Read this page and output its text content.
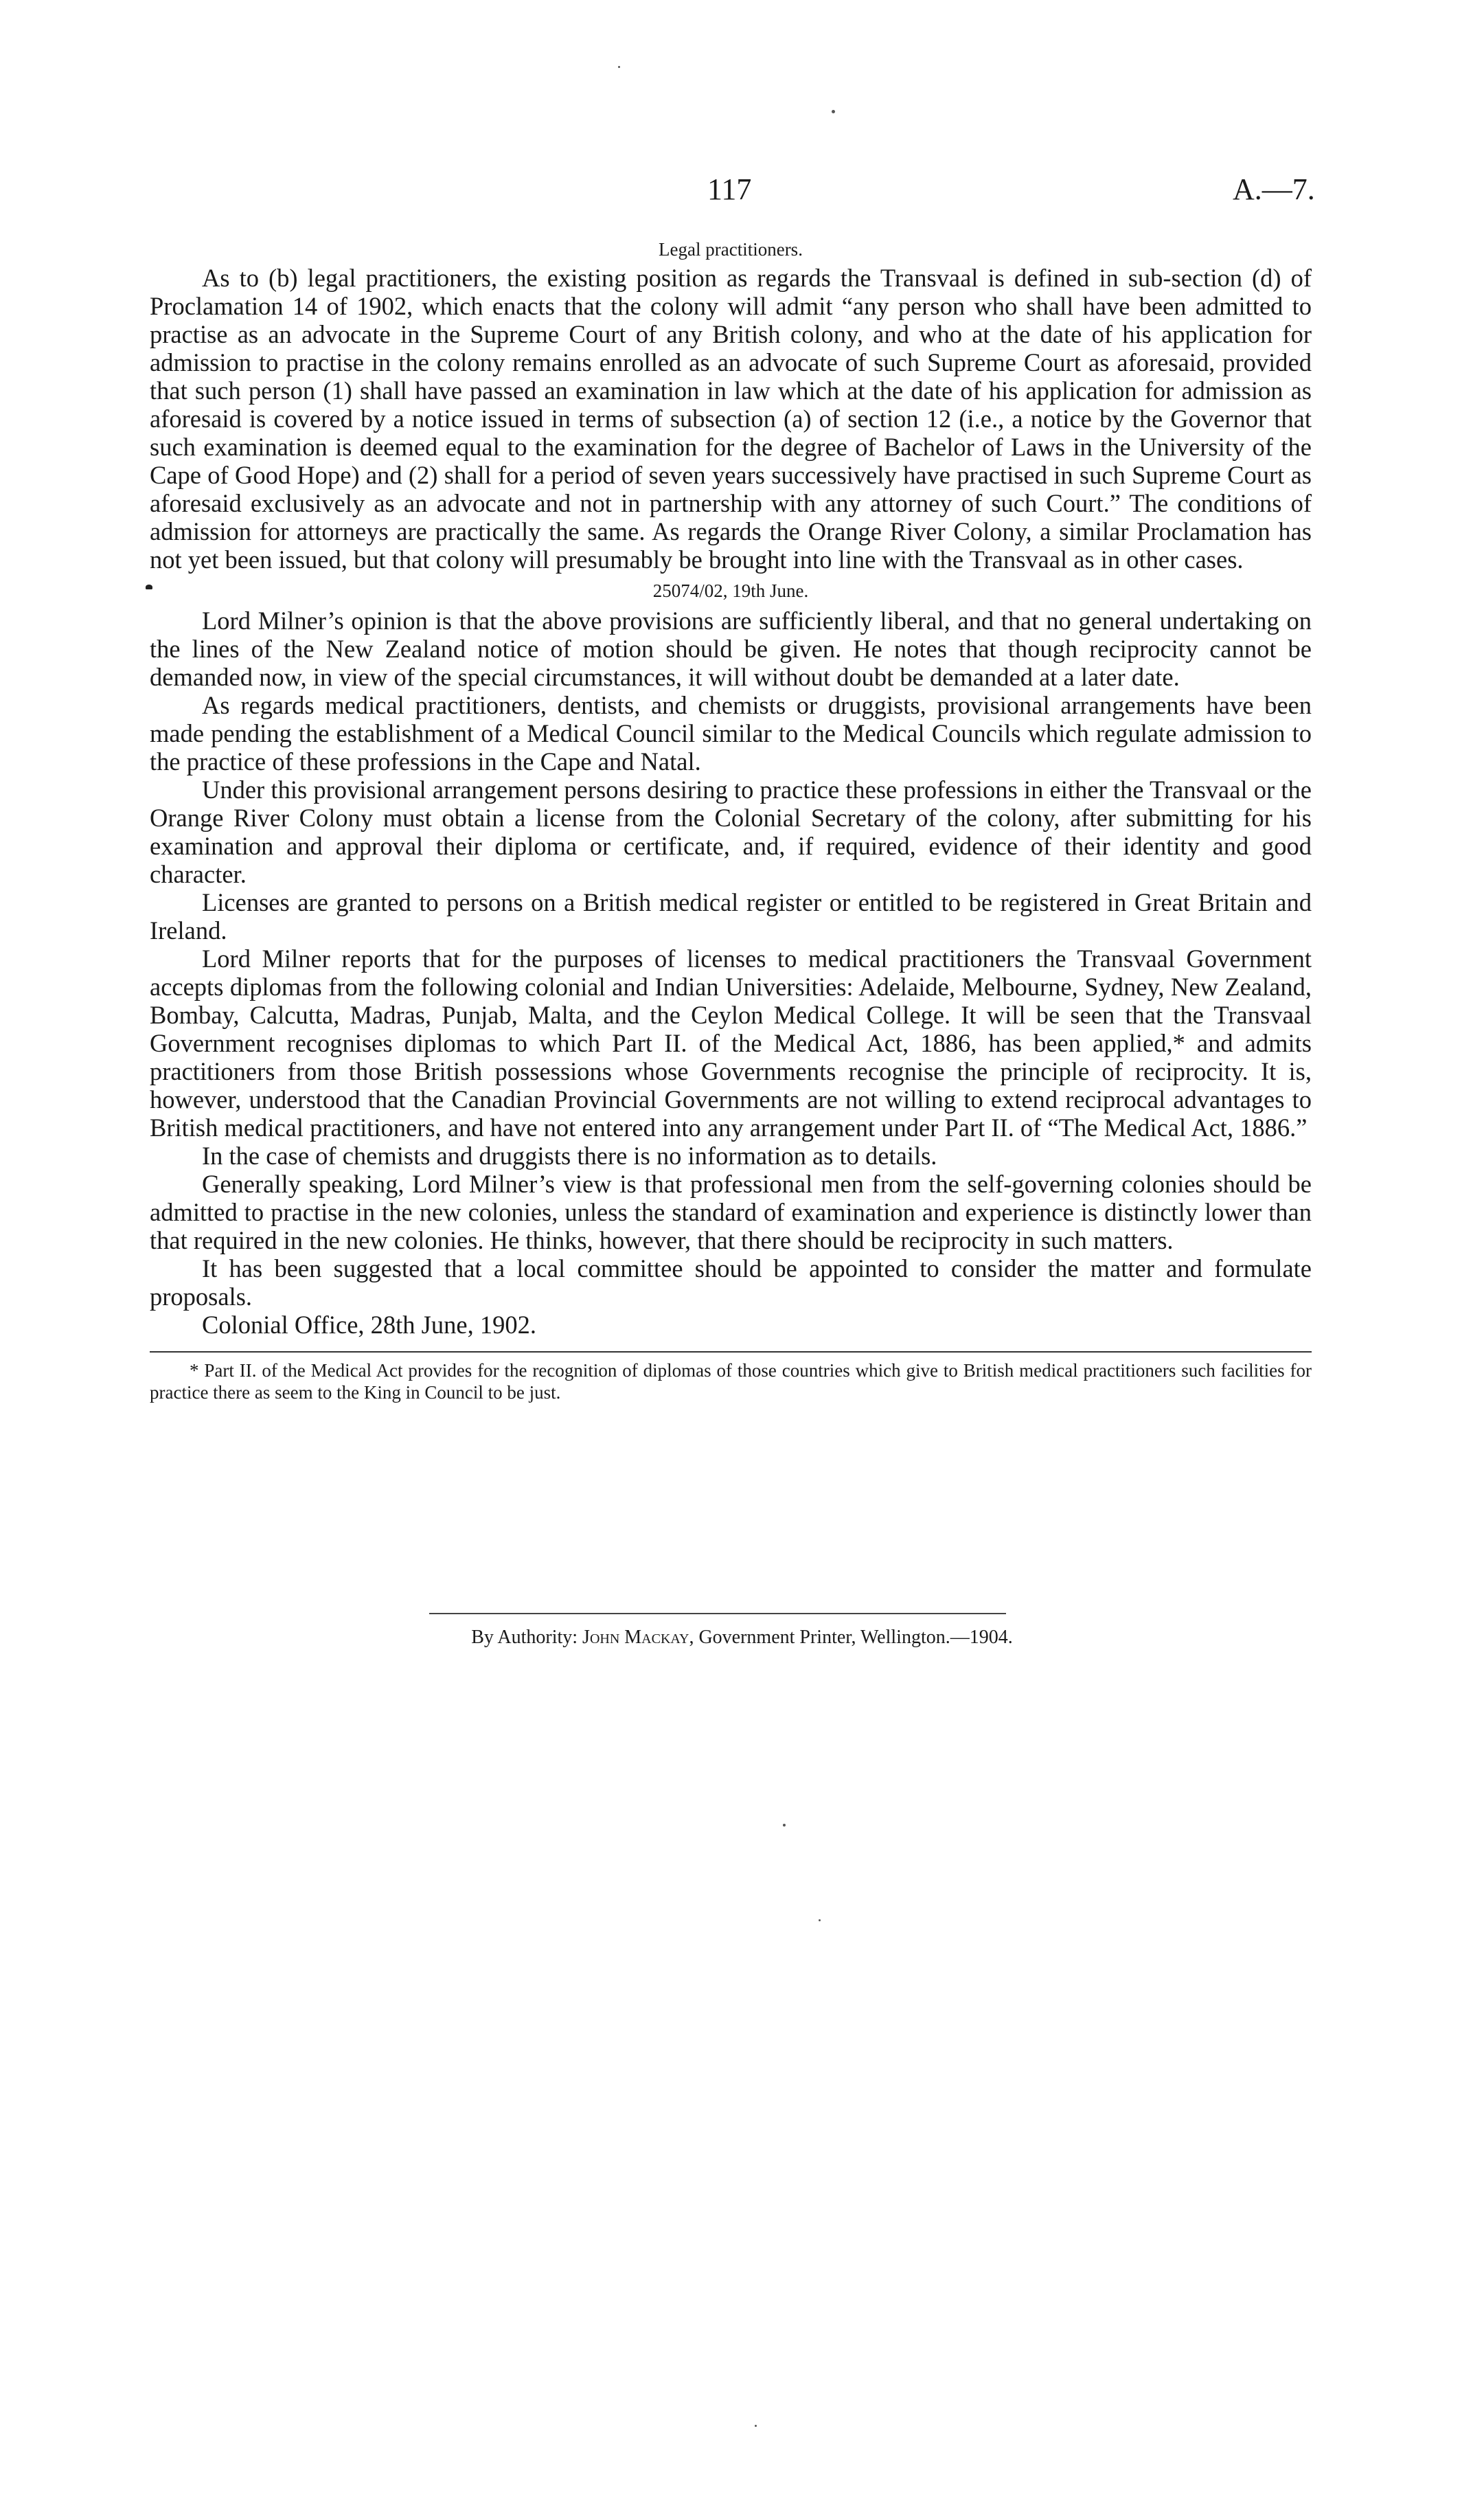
117	A.—7.

Legal practitioners.

As to (b) legal practitioners, the existing position as regards the Transvaal is defined in sub-section (d) of Proclamation 14 of 1902, which enacts that the colony will admit “any person who shall have been admitted to practise as an advocate in the Supreme Court of any British colony, and who at the date of his application for admission to practise in the colony remains enrolled as an advocate of such Supreme Court as aforesaid, provided that such person (1) shall have passed an examination in law which at the date of his application for admission as aforesaid is covered by a notice issued in terms of subsection (a) of section 12 (i.e., a notice by the Governor that such examination is deemed equal to the examination for the degree of Bachelor of Laws in the University of the Cape of Good Hope) and (2) shall for a period of seven years successively have practised in such Supreme Court as aforesaid exclusively as an advocate and not in partnership with any attorney of such Court.” The conditions of admission for attorneys are practically the same. As regards the Orange River Colony, a similar Proclamation has not yet been issued, but that colony will presumably be brought into line with the Transvaal as in other cases.

25074/02, 19th June.

Lord Milner’s opinion is that the above provisions are sufficiently liberal, and that no general undertaking on the lines of the New Zealand notice of motion should be given. He notes that though reciprocity cannot be demanded now, in view of the special circumstances, it will without doubt be demanded at a later date.

As regards medical practitioners, dentists, and chemists or druggists, provisional arrangements have been made pending the establishment of a Medical Council similar to the Medical Councils which regulate admission to the practice of these professions in the Cape and Natal.

Under this provisional arrangement persons desiring to practice these professions in either the Transvaal or the Orange River Colony must obtain a license from the Colonial Secretary of the colony, after submitting for his examination and approval their diploma or certificate, and, if required, evidence of their identity and good character.

Licenses are granted to persons on a British medical register or entitled to be registered in Great Britain and Ireland.

Lord Milner reports that for the purposes of licenses to medical practitioners the Transvaal Government accepts diplomas from the following colonial and Indian Universities: Adelaide, Melbourne, Sydney, New Zealand, Bombay, Calcutta, Madras, Punjab, Malta, and the Ceylon Medical College. It will be seen that the Transvaal Government recognises diplomas to which Part II. of the Medical Act, 1886, has been applied,* and admits practitioners from those British possessions whose Governments recognise the principle of reciprocity. It is, however, understood that the Canadian Provincial Governments are not willing to extend reciprocal advantages to British medical practitioners, and have not entered into any arrangement under Part II. of “The Medical Act, 1886.”

In the case of chemists and druggists there is no information as to details.

Generally speaking, Lord Milner’s view is that professional men from the self-governing colonies should be admitted to practise in the new colonies, unless the standard of examination and experience is distinctly lower than that required in the new colonies. He thinks, however, that there should be reciprocity in such matters.

It has been suggested that a local committee should be appointed to consider the matter and formulate proposals.

Colonial Office, 28th June, 1902.

* Part II. of the Medical Act provides for the recognition of diplomas of those countries which give to British medical practitioners such facilities for practice there as seem to the King in Council to be just.

By Authority: John Mackay, Government Printer, Wellington.—1904.
